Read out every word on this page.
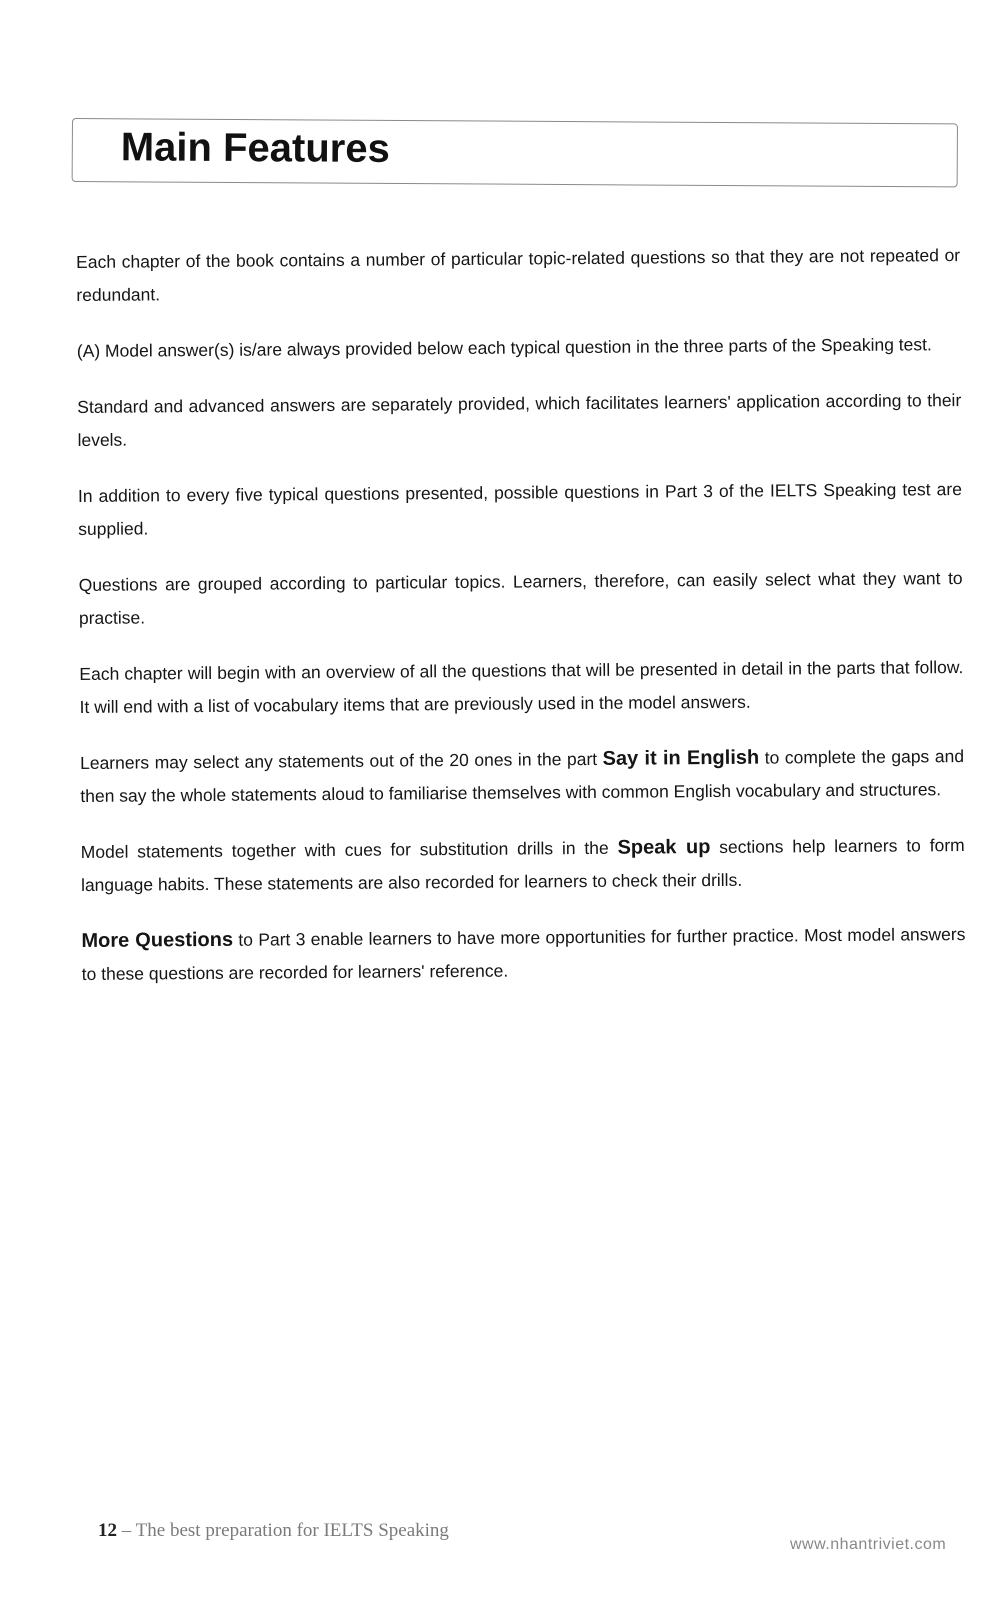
Main Features

Each chapter of the book contains a number of particular topic-related questions so that they are not repeated or redundant.

(A) Model answer(s) is/are always provided below each typical question in the three parts of the Speaking test.

Standard and advanced answers are separately provided, which facilitates learners' application according to their levels.

In addition to every five typical questions presented, possible questions in Part 3 of the IELTS Speaking test are supplied.

Questions are grouped according to particular topics. Learners, therefore, can easily select what they want to practise.

Each chapter will begin with an overview of all the questions that will be presented in detail in the parts that follow. It will end with a list of vocabulary items that are previously used in the model answers.

Learners may select any statements out of the 20 ones in the part Say it in English to complete the gaps and then say the whole statements aloud to familiarise themselves with common English vocabulary and structures.

Model statements together with cues for substitution drills in the Speak up sections help learners to form language habits. These statements are also recorded for learners to check their drills.

More Questions to Part 3 enable learners to have more opportunities for further practice. Most model answers to these questions are recorded for learners' reference.

12 – The best preparation for IELTS Speaking
www.nhantriviet.com
